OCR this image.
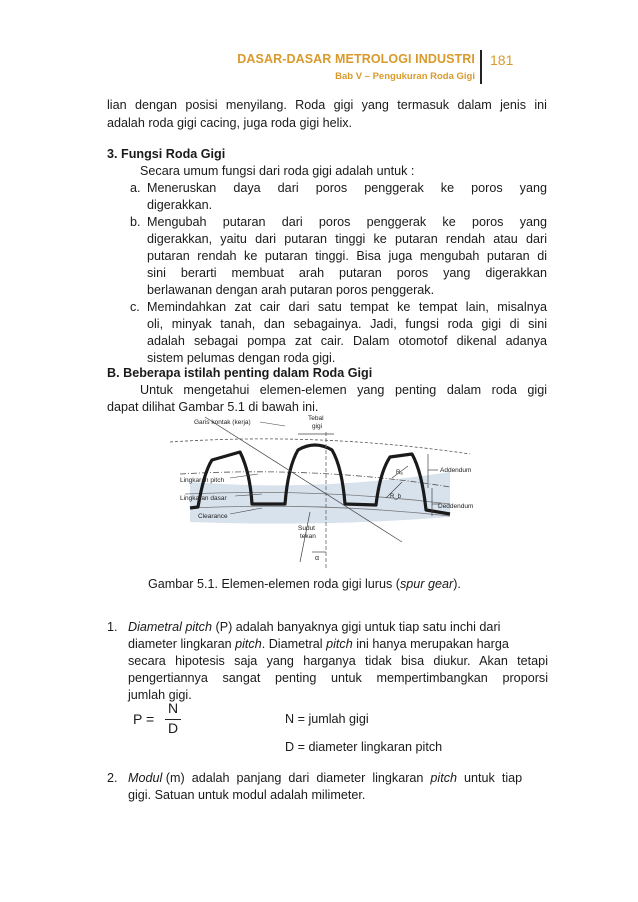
DASAR-DASAR METROLOGI INDUSTRI
Bab V – Pengukuran Roda Gigi
181
lian dengan posisi menyilang. Roda gigi yang termasuk dalam jenis ini
adalah roda gigi cacing, juga roda gigi helix.
3. Fungsi Roda Gigi
Secara umum fungsi dari roda gigi adalah untuk :
a. Meneruskan daya dari poros penggerak ke poros yang
digerakkan.
b. Mengubah putaran dari poros penggerak ke poros yang
digerakkan, yaitu dari putaran tinggi ke putaran rendah atau dari
putaran rendah ke putaran tinggi. Bisa juga mengubah putaran di
sini berarti membuat arah putaran poros yang digerakkan
berlawanan dengan arah putaran poros penggerak.
c. Memindahkan zat cair dari satu tempat ke tempat lain, misalnya
oli, minyak tanah, dan sebagainya. Jadi, fungsi roda gigi di sini
adalah sebagai pompa zat cair. Dalam otomotof dikenal adanya
sistem pelumas dengan roda gigi.
B. Beberapa istilah penting dalam Roda Gigi
Untuk mengetahui elemen-elemen yang penting dalam roda gigi
dapat dilihat Gambar 5.1 di bawah ini.
Tebal
gigi
Garis kontak (kerja)
Addendum
Lingkaran pitch
Lingkaran dasar
Clearance
Deddendum
Sudut
tekan
α
Rₐ
R_b
Gambar 5.1. Elemen-elemen roda gigi lurus (spur gear).
1. Diametral pitch (P) adalah banyaknya gigi untuk tiap satu inchi dari
diameter lingkaran pitch. Diametral pitch ini hanya merupakan harga
secara hipotesis saja yang harganya tidak bisa diukur. Akan tetapi
pengertiannya sangat penting untuk mempertimbangkan proporsi
jumlah gigi.
P =
N
D
N = jumlah gigi
D = diameter lingkaran pitch
2. Modul (m)  adalah  panjang  dari  diameter  lingkaran  pitch  untuk  tiap
gigi. Satuan untuk modul adalah milimeter.
